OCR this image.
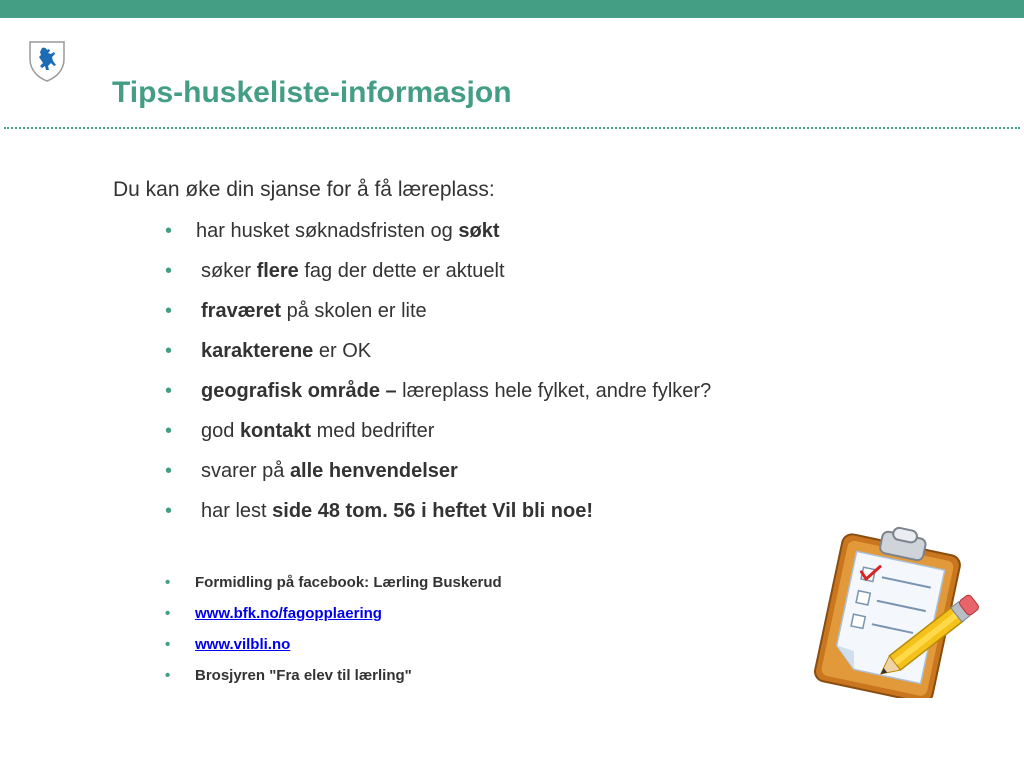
Tips-huskeliste-informasjon
Du kan øke din sjanse for å få læreplass:
• har husket søknadsfristen og søkt
• søker flere fag der dette er aktuelt
• fraværet på skolen er lite
• karakterene er OK
• geografisk område – læreplass hele fylket, andre fylker?
• god kontakt med bedrifter
• svarer på alle henvendelser
• har lest side 48 tom. 56 i heftet Vil bli noe!
• Formidling på facebook: Lærling Buskerud
• www.bfk.no/fagopplaering
• www.vilbli.no
• Brosjyren "Fra elev til lærling"
